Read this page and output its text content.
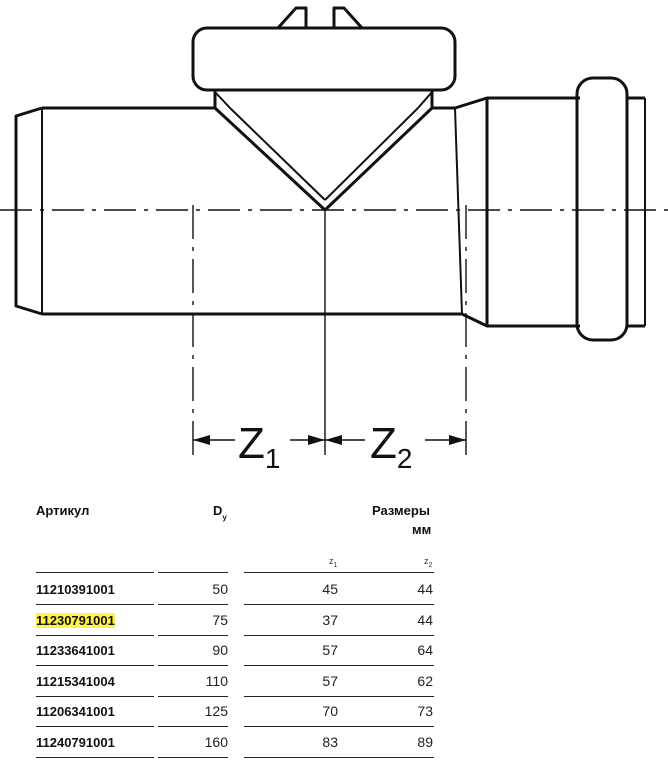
$Z_1$ $Z_2$
Артикул	$D_y$	Размеры
мм
$z_1$	$z_2$
11210391001	50	45	44
11230791001	75	37	44
11233641001	90	57	64
11215341004	110	57	62
11206341001	125	70	73
11240791001	160	83	89
